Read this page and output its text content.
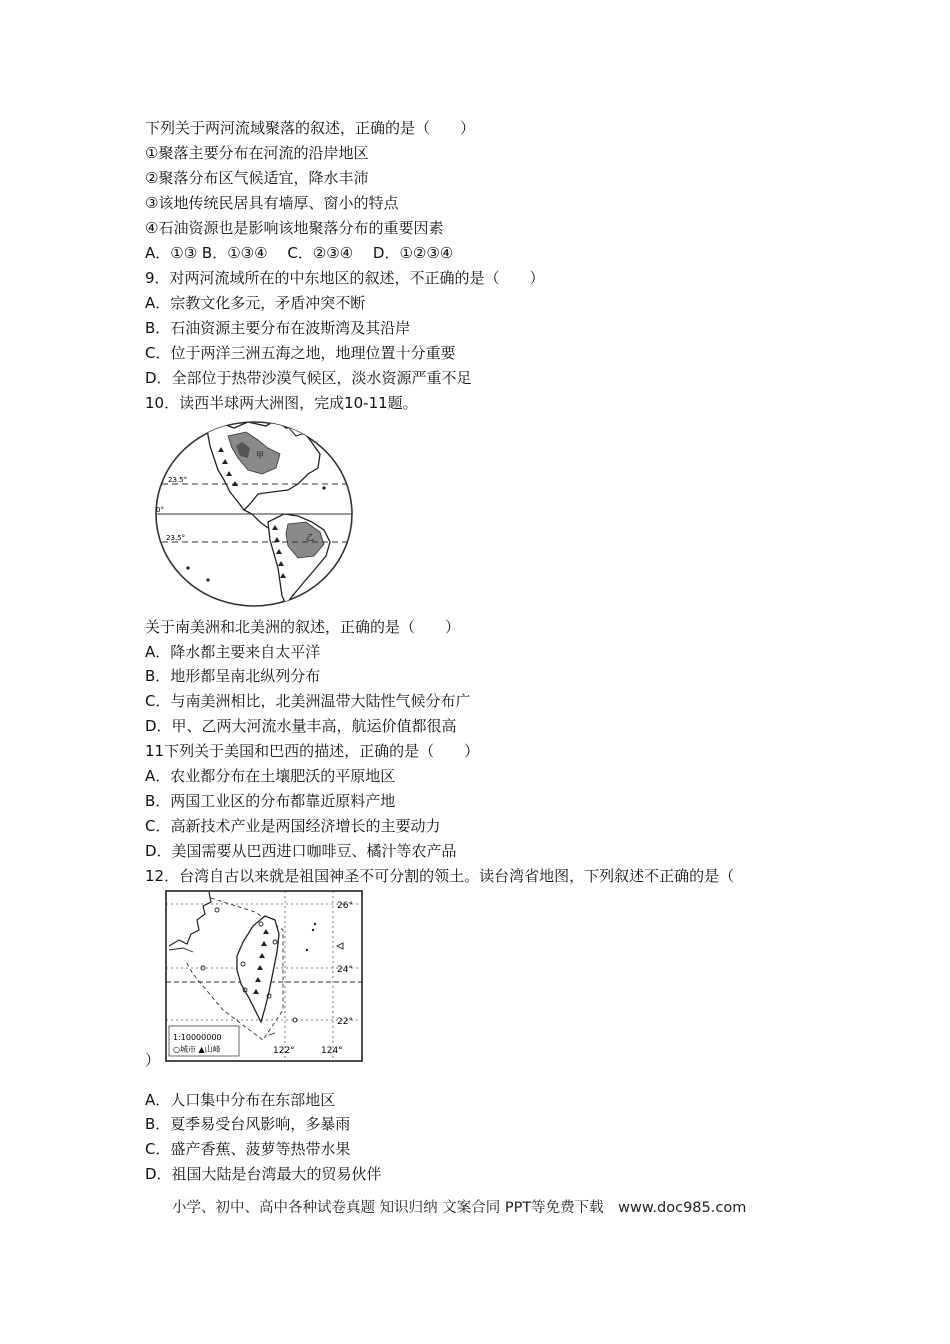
下列关于两河流域聚落的叙述，正确的是（　　）
①聚落主要分布在河流的沿岸地区
②聚落分布区气候适宜，降水丰沛
③该地传统民居具有墙厚、窗小的特点
④石油资源也是影响该地聚落分布的重要因素
A．①③ B．①③④　 C．②③④　 D．①②③④
9．对两河流域所在的中东地区的叙述，不正确的是（　　）
A．宗教文化多元，矛盾冲突不断
B．石油资源主要分布在波斯湾及其沿岸
C．位于两洋三洲五海之地，地理位置十分重要
D．全部位于热带沙漠气候区，淡水资源严重不足
10．读西半球两大洲图，完成10-11题。
23.5°
0°
23.5°
甲
乙
关于南美洲和北美洲的叙述，正确的是（　　）
A．降水都主要来自太平洋
B．地形都呈南北纵列分布
C．与南美洲相比，北美洲温带大陆性气候分布广
D．甲、乙两大河流水量丰高，航运价值都很高
11下列关于美国和巴西的描述，正确的是（　　）
A．农业都分布在土壤肥沃的平原地区
B．两国工业区的分布都靠近原料产地
C．高新技术产业是两国经济增长的主要动力
D．美国需要从巴西进口咖啡豆、橘汁等农产品
12．台湾自古以来就是祖国神圣不可分割的领土。读台湾省地图，下列叙述不正确的是（
26°
24°
22°
122°	124°
1:10000000
○城市 ▲山峰
）
A．人口集中分布在东部地区
B．夏季易受台风影响，多暴雨
C．盛产香蕉、菠萝等热带水果
D．祖国大陆是台湾最大的贸易伙伴
小学、初中、高中各种试卷真题 知识归纳 文案合同 PPT等免费下载　www.doc985.com
